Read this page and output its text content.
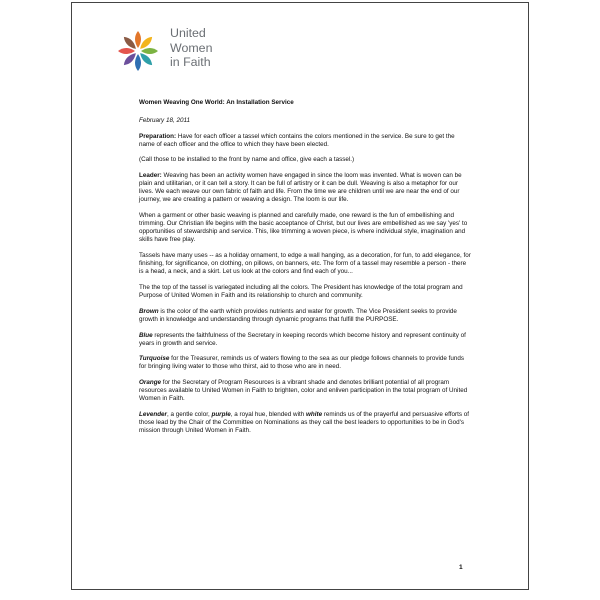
United
Women
in Faith
Women Weaving One World: An Installation Service
February 18, 2011

Preparation: Have for each officer a tassel which contains the colors mentioned in the service. Be sure to get the name of each officer and the office to which they have been elected.

(Call those to be installed to the front by name and office, give each a tassel.)

Leader: Weaving has been an activity women have engaged in since the loom was invented. What is woven can be plain and utilitarian, or it can tell a story. It can be full of artistry or it can be dull. Weaving is also a metaphor for our lives. We each weave our own fabric of faith and life. From the time we are children until we are near the end of our journey, we are creating a pattern or weaving a design. The loom is our life.

When a garment or other basic weaving is planned and carefully made, one reward is the fun of embellishing and trimming. Our Christian life begins with the basic acceptance of Christ, but our lives are embellished as we say 'yes' to opportunities of stewardship and service. This, like trimming a woven piece, is where individual style, imagination and skills have free play.

Tassels have many uses -- as a holiday ornament, to edge a wall hanging, as a decoration, for fun, to add elegance, for finishing, for significance, on clothing, on pillows, on banners, etc. The form of a tassel may resemble a person - there is a head, a neck, and a skirt. Let us look at the colors and find each of you...

The the top of the tassel is variegated including all the colors. The President has knowledge of the total program and Purpose of United Women in Faith and its relationship to church and community.

Brown is the color of the earth which provides nutrients and water for growth. The Vice President seeks to provide growth in knowledge and understanding through dynamic programs that fulfill the PURPOSE.

Blue represents the faithfulness of the Secretary in keeping records which become history and represent continuity of years in growth and service.

Turquoise for the Treasurer, reminds us of waters flowing to the sea as our pledge follows channels to provide funds for bringing living water to those who thirst, aid to those who are in need.

Orange for the Secretary of Program Resources is a vibrant shade and denotes brilliant potential of all program resources available to United Women in Faith to brighten, color and enliven participation in the total program of United Women in Faith.

Levender, a gentle color, purple, a royal hue, blended with white reminds us of the prayerful and persuasive efforts of those lead by the Chair of the Committee on Nominations as they call the best leaders to opportunities to be in God's mission through United Women in Faith.

1
